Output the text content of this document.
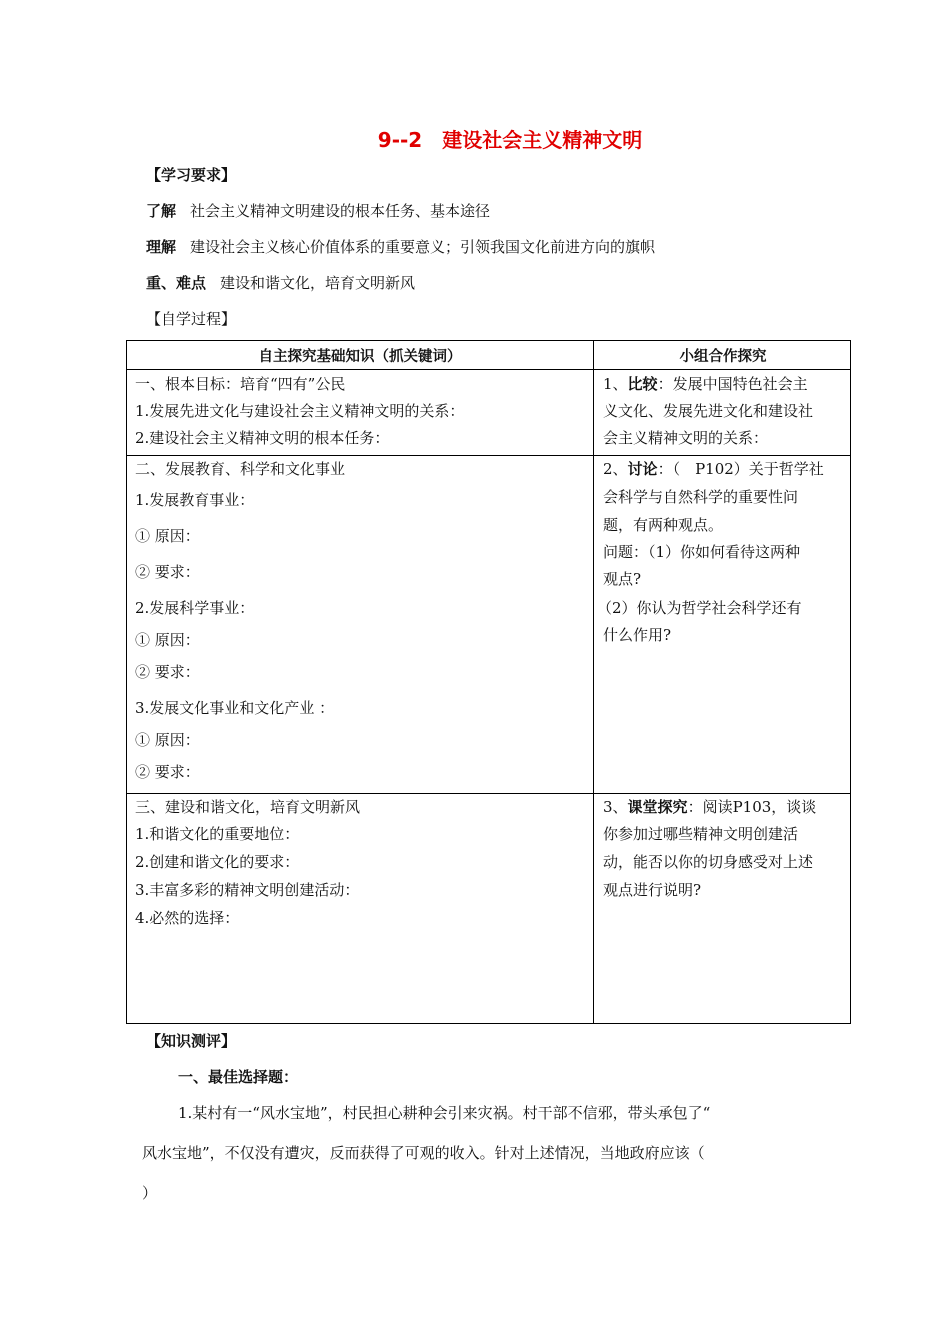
9--2　建设社会主义精神文明
【学习要求】
了解 社会主义精神文明建设的根本任务、基本途径
理解 建设社会主义核心价值体系的重要意义；引领我国文化前进方向的旗帜
重、难点 建设和谐文化，培育文明新风
【自学过程】
自主探究基础知识（抓关键词）	小组合作探究
一、根本目标：培育“四有”公民
1.发展先进文化与建设社会主义精神文明的关系：
2.建设社会主义精神文明的根本任务：
二、发展教育、科学和文化事业
1.发展教育事业：
① 原因：
② 要求：
2.发展科学事业：
① 原因：
② 要求：
3.发展文化事业和文化产业 ：
① 原因：
② 要求：
三、建设和谐文化，培育文明新风
1.和谐文化的重要地位：
2.创建和谐文化的要求：
3.丰富多彩的精神文明创建活动：
4.必然的选择：
1、比较：发展中国特色社会主
义文化、发展先进文化和建设社
会主义精神文明的关系：
2、讨论：（　P102）关于哲学社
会科学与自然科学的重要性问
题，有两种观点。
问题：（1）你如何看待这两种
观点?
（2）你认为哲学社会科学还有
什么作用?
3、课堂探究：阅读P103，谈谈
你参加过哪些精神文明创建活
动，能否以你的切身感受对上述
观点进行说明?
【知识测评】
一、最佳选择题：
1.某村有一“风水宝地”，村民担心耕种会引来灾祸。村干部不信邪，带头承包了“
风水宝地”，不仅没有遭灾，反而获得了可观的收入。针对上述情况，当地政府应该（
）
